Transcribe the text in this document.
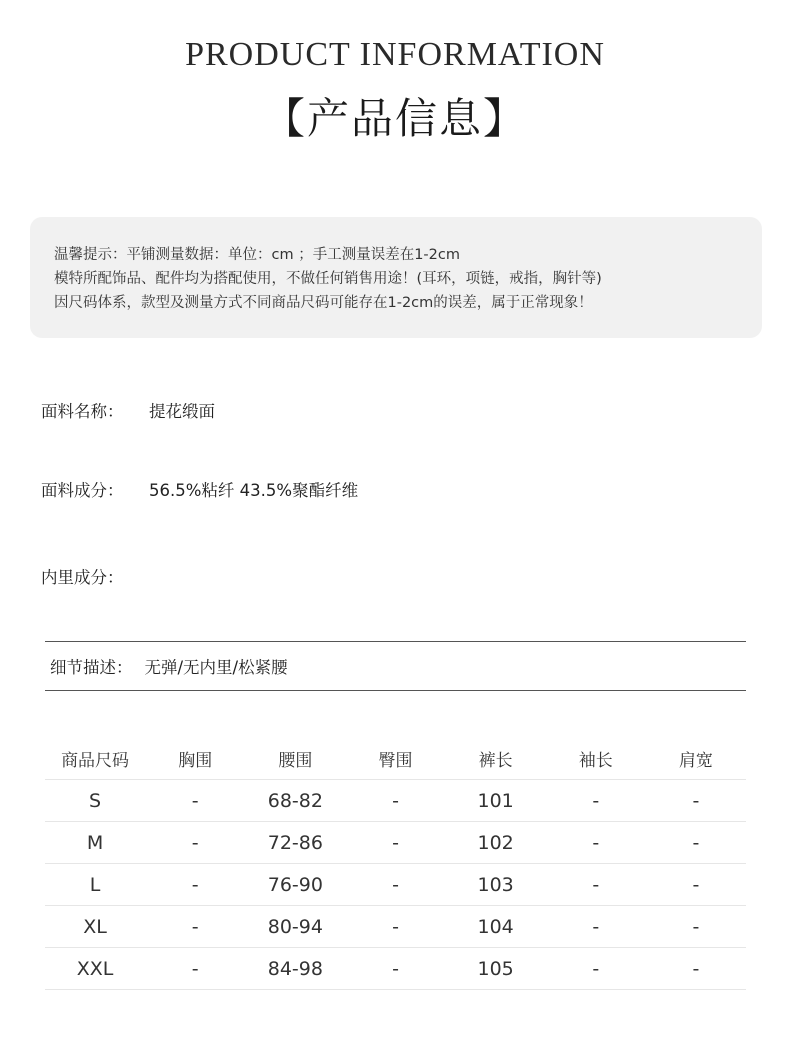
PRODUCT INFORMATION
【产品信息】
温馨提示：平铺测量数据：单位：cm ；手工测量误差在1-2cm
模特所配饰品、配件均为搭配使用，不做任何销售用途！(耳环，项链，戒指，胸针等)
因尺码体系，款型及测量方式不同商品尺码可能存在1-2cm的误差，属于正常现象！
面料名称： 提花缎面
面料成分： 56.5%粘纤 43.5%聚酯纤维
内里成分：
细节描述： 无弹/无内里/松紧腰
商品尺码	胸围	腰围	臀围	裤长	袖长	肩宽
S	-	68-82	-	101	-	-
M	-	72-86	-	102	-	-
L	-	76-90	-	103	-	-
XL	-	80-94	-	104	-	-
XXL	-	84-98	-	105	-	-
